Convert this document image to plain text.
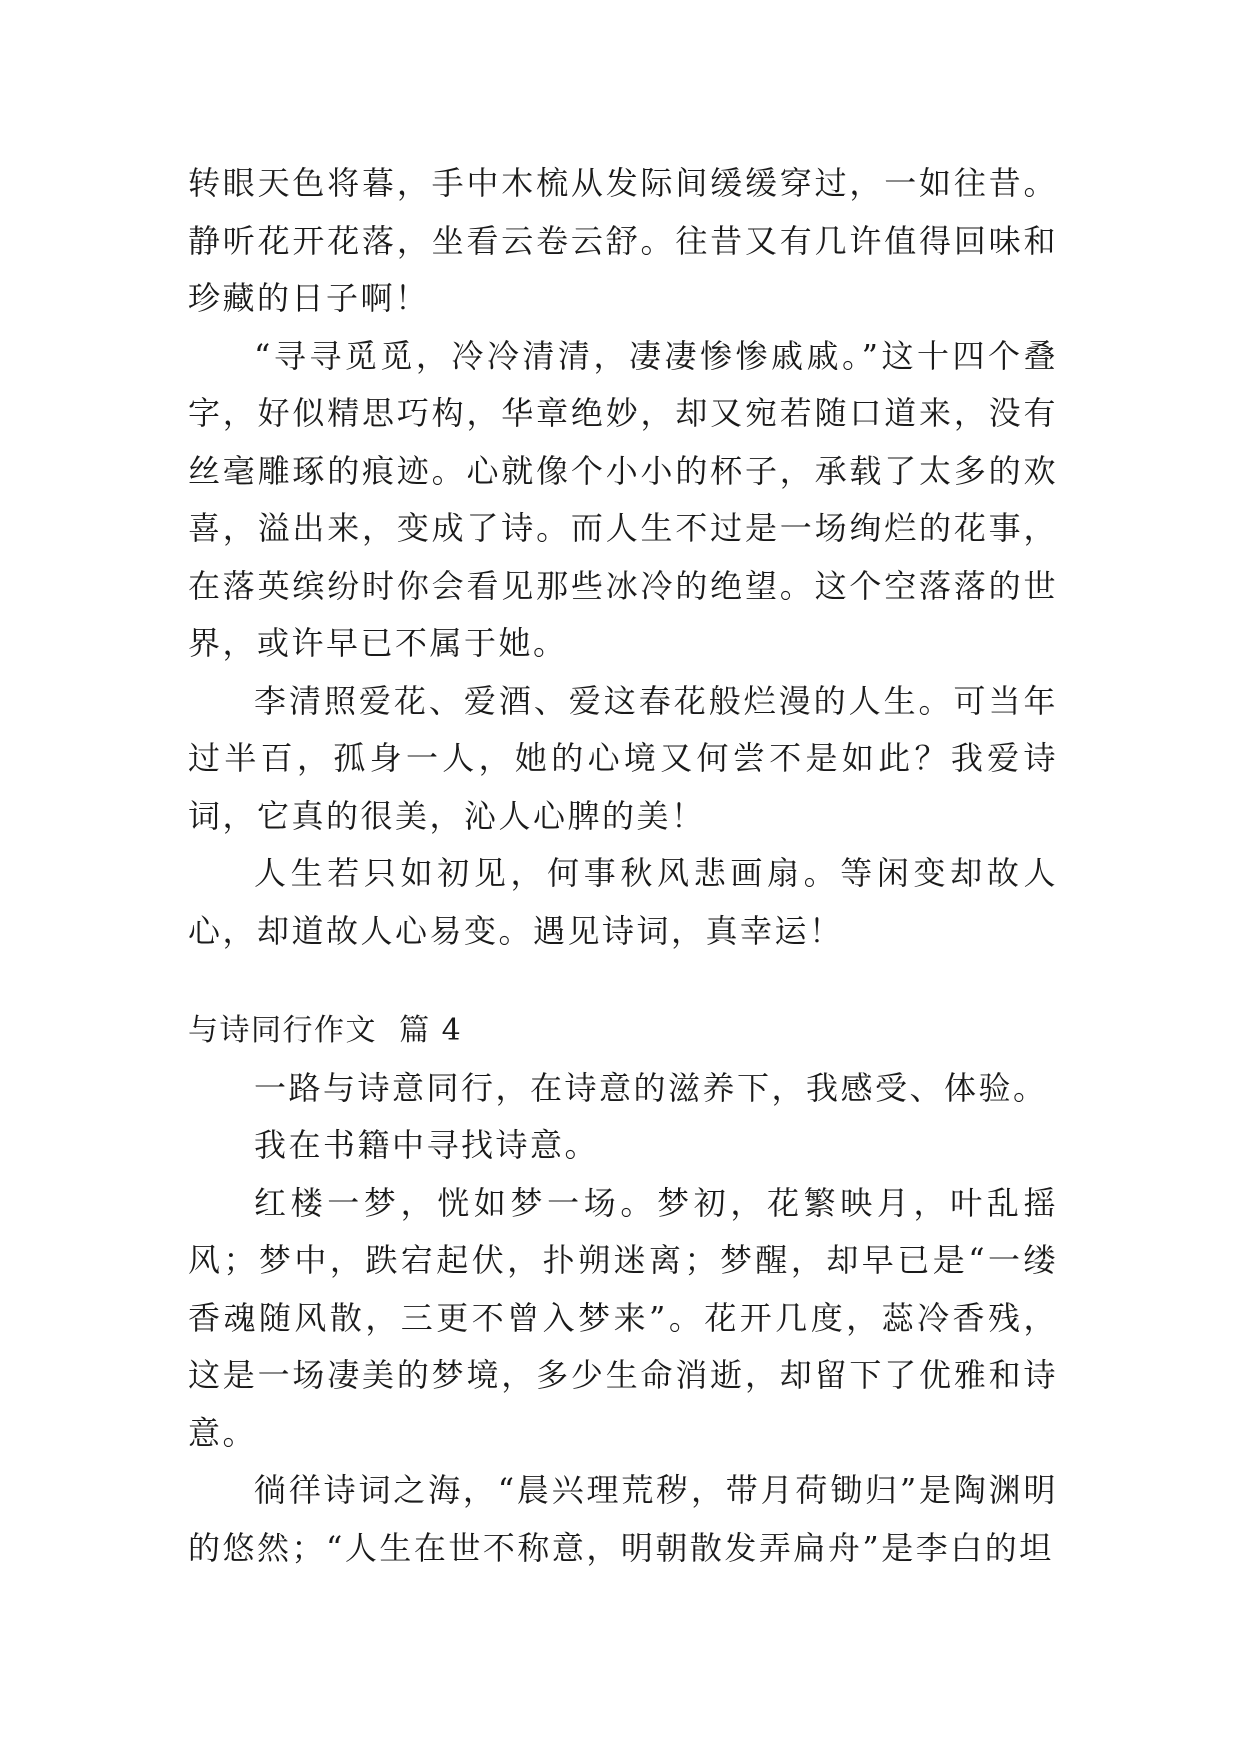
转眼天色将暮，手中木梳从发际间缓缓穿过，一如往昔。静听花开花落，坐看云卷云舒。往昔又有几许值得回味和珍藏的日子啊！

“寻寻觅觅，冷冷清清，凄凄惨惨戚戚。”这十四个叠字，好似精思巧构，华章绝妙，却又宛若随口道来，没有丝毫雕琢的痕迹。心就像个小小的杯子，承载了太多的欢喜，溢出来，变成了诗。而人生不过是一场绚烂的花事，在落英缤纷时你会看见那些冰冷的绝望。这个空落落的世界，或许早已不属于她。

李清照爱花、爱酒、爱这春花般烂漫的人生。可当年过半百，孤身一人，她的心境又何尝不是如此？我爱诗词，它真的很美，沁人心脾的美！

人生若只如初见，何事秋风悲画扇。等闲变却故人心，却道故人心易变。遇见诗词，真幸运！

与诗同行作文  篇 4

一路与诗意同行，在诗意的滋养下，我感受、体验。

我在书籍中寻找诗意。

红楼一梦，恍如梦一场。梦初，花繁映月，叶乱摇风；梦中，跌宕起伏，扑朔迷离；梦醒，却早已是“一缕香魂随风散，三更不曾入梦来”。花开几度，蕊冷香残，这是一场凄美的梦境，多少生命消逝，却留下了优雅和诗意。

徜徉诗词之海，“晨兴理荒秽，带月荷锄归”是陶渊明的悠然；“人生在世不称意，明朝散发弄扁舟”是李白的坦
